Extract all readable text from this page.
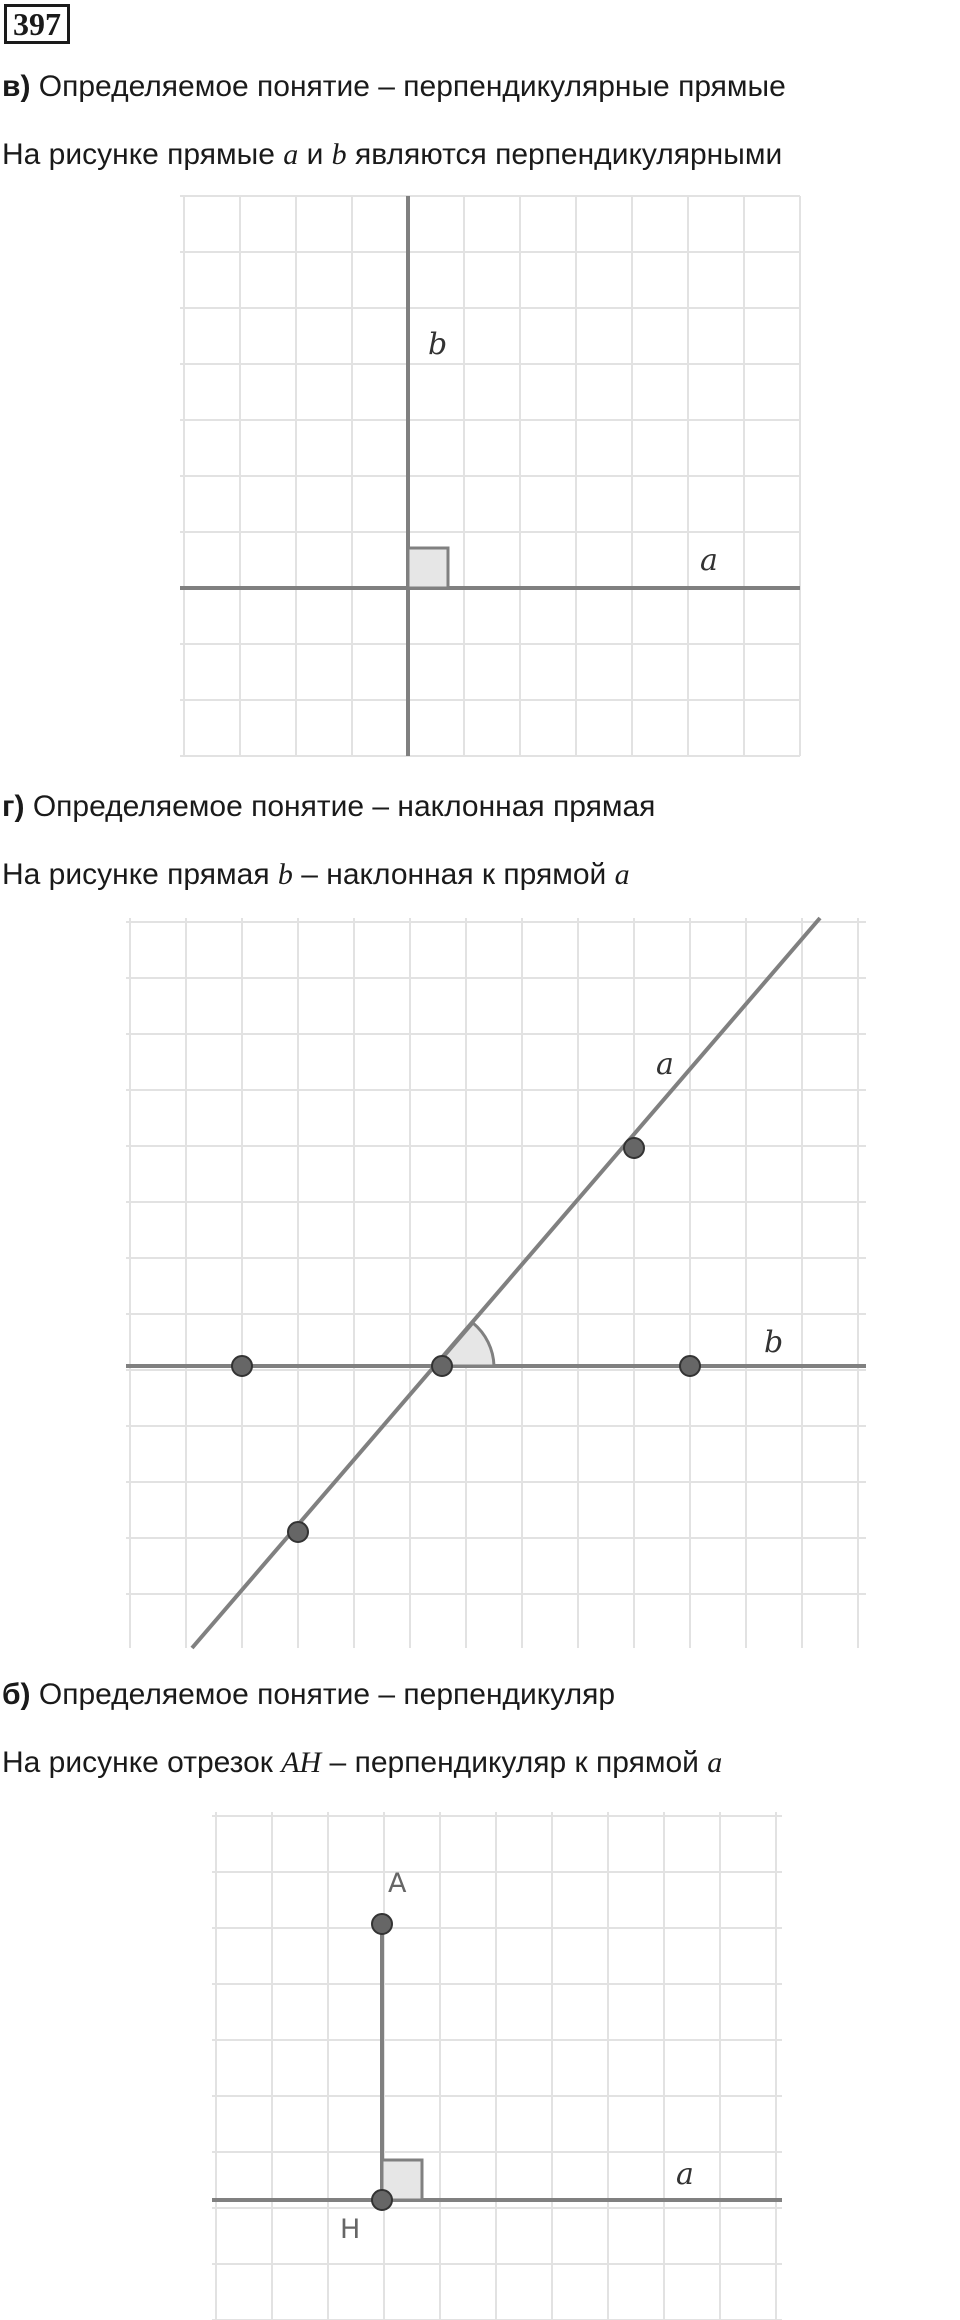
397
в) Определяемое понятие – перпендикулярные прямые
На рисунке прямые a и b являются перпендикулярными
b
a
г) Определяемое понятие – наклонная прямая
На рисунке прямая b – наклонная к прямой a
a
b
б) Определяемое понятие – перпендикуляр
На рисунке отрезок AH – перпендикуляр к прямой a
A
H
a
